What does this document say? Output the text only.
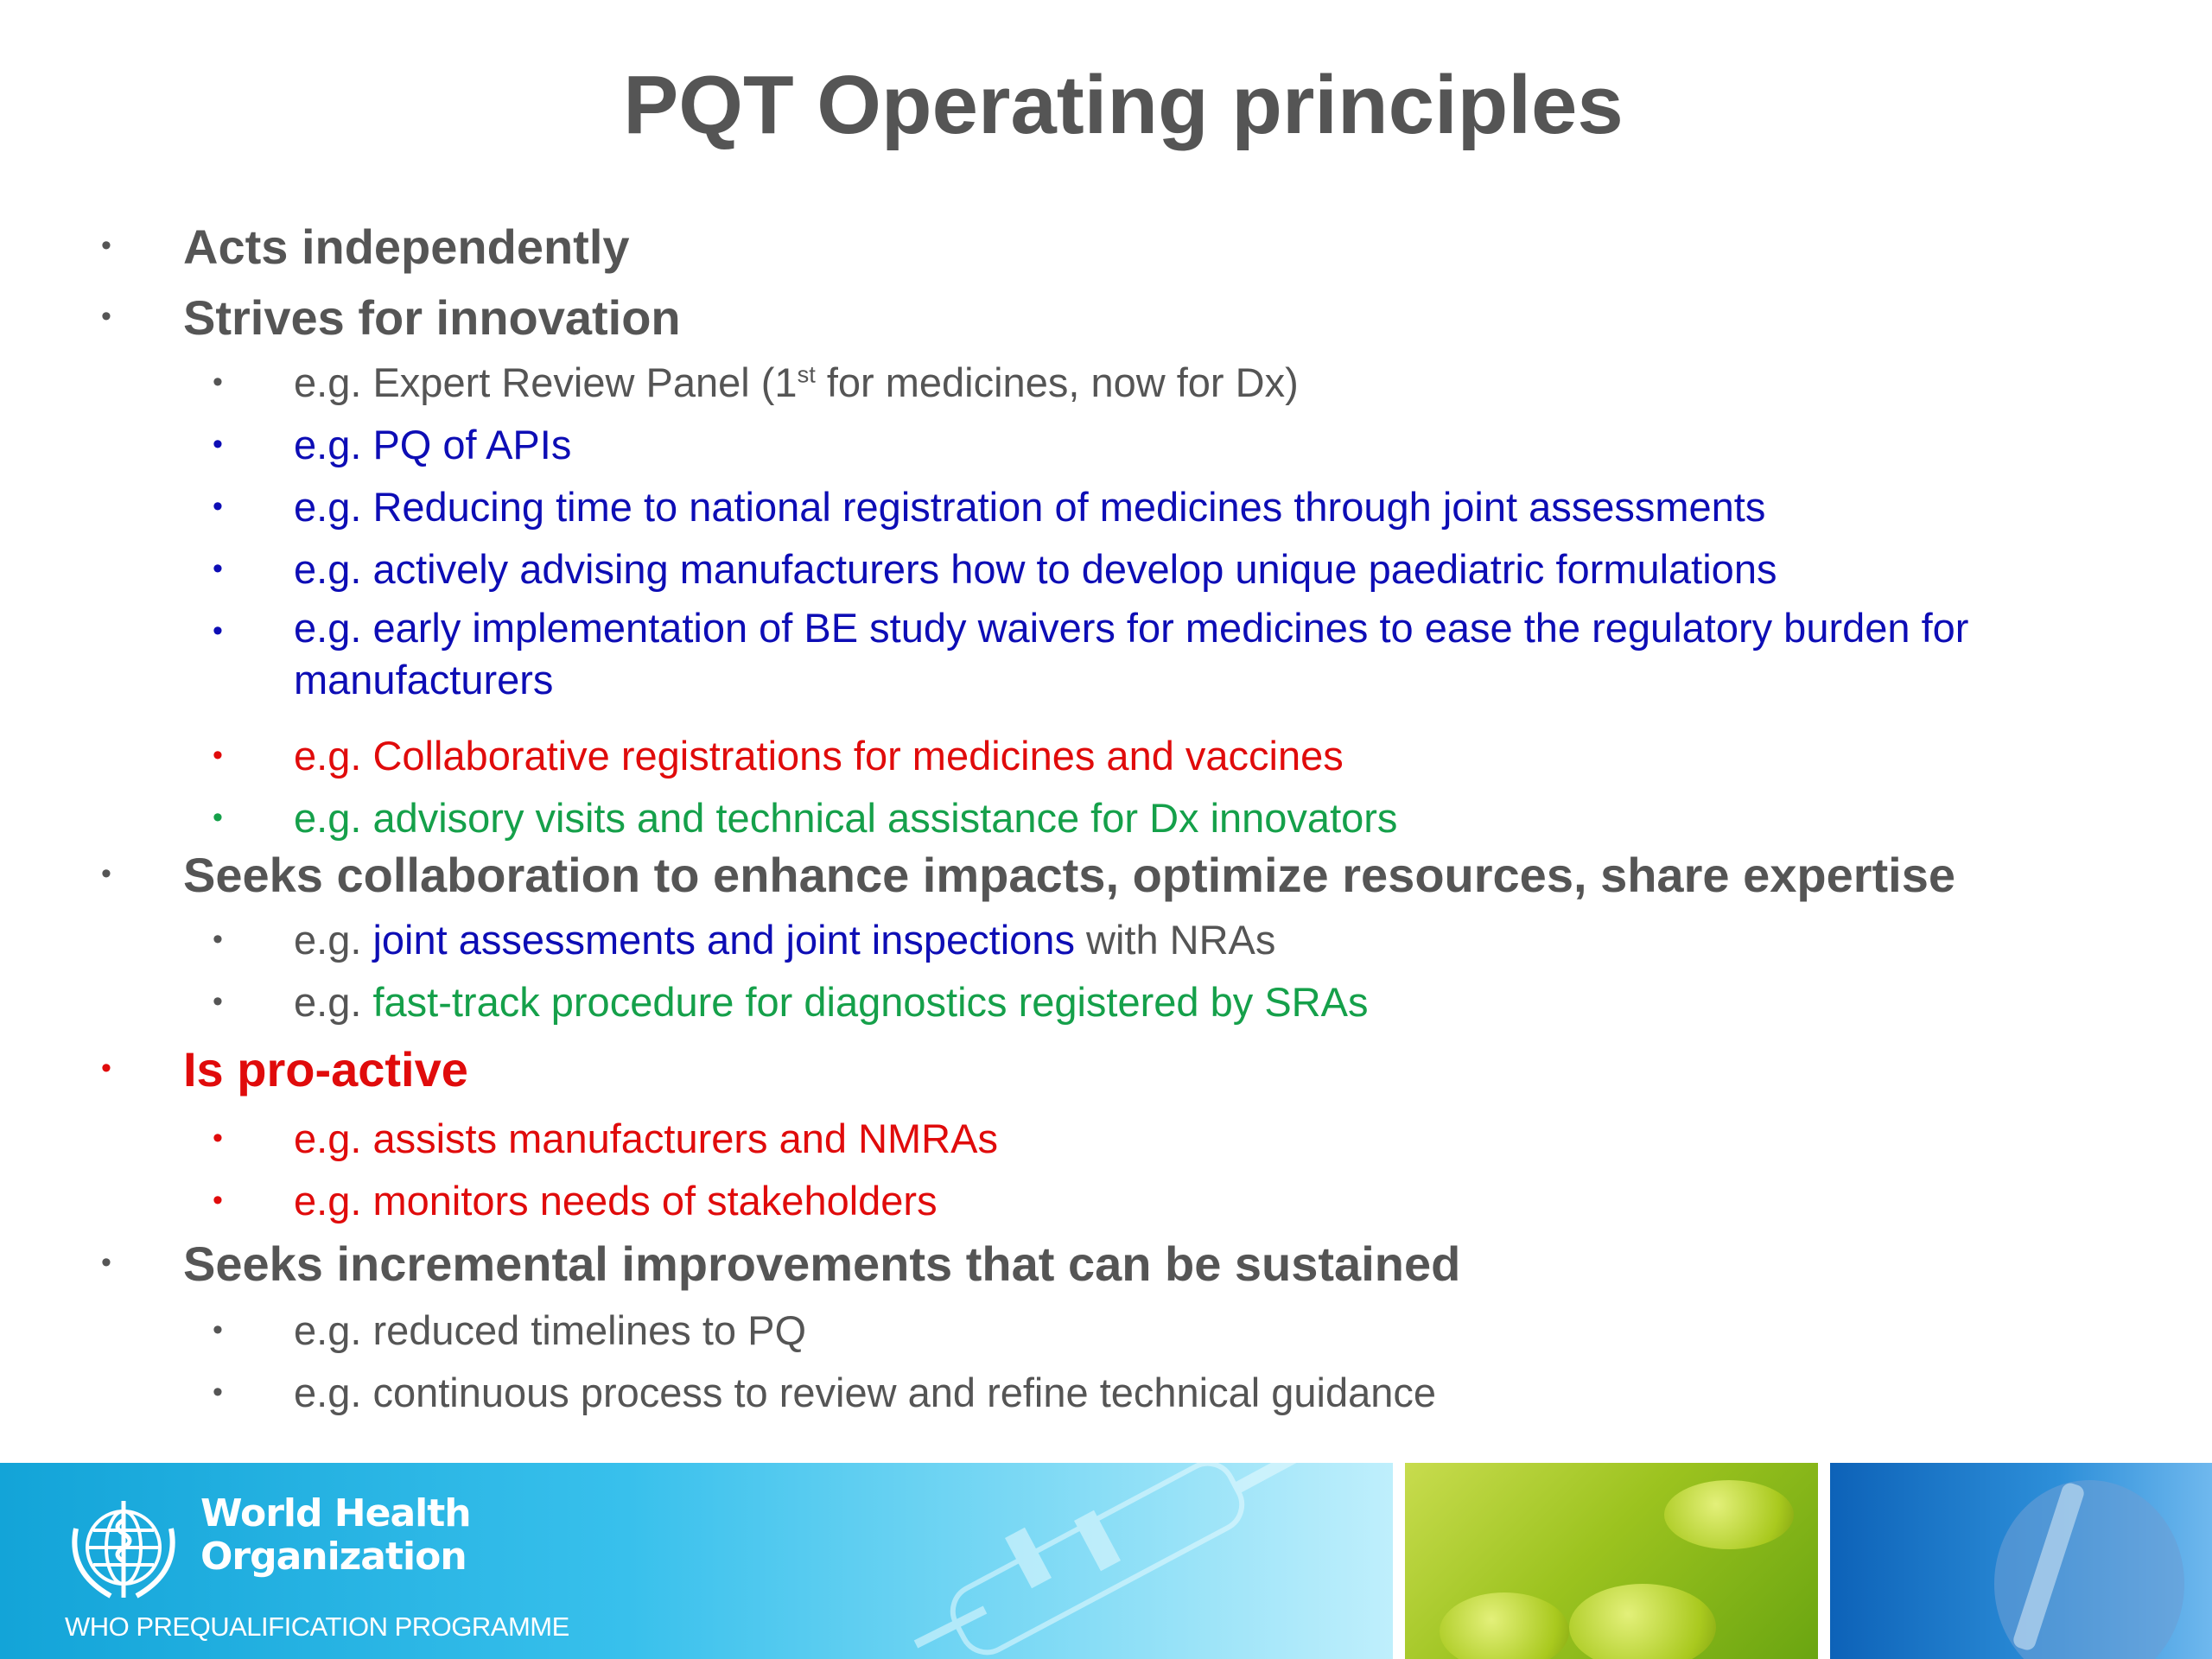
PQT Operating principles
• Acts independently
• Strives for innovation
• e.g. Expert Review Panel (1st for medicines, now for Dx)
• e.g. PQ of APIs
• e.g. Reducing time to national registration of medicines through joint assessments
• e.g. actively advising manufacturers how to develop unique paediatric formulations
• e.g. early implementation of BE study waivers for medicines to ease the regulatory burden for
manufacturers
• e.g. Collaborative registrations for medicines and vaccines
• e.g. advisory visits and technical assistance for Dx innovators
• Seeks collaboration to enhance impacts, optimize resources, share expertise
• e.g. joint assessments and joint inspections with NRAs
• e.g. fast-track procedure for diagnostics registered by SRAs
• Is pro-active
• e.g. assists manufacturers and NMRAs
• e.g. monitors needs of stakeholders
• Seeks incremental improvements that can be sustained
• e.g. reduced timelines to PQ
• e.g. continuous process to review and refine technical guidance
World Health
Organization
WHO PREQUALIFICATION PROGRAMME
